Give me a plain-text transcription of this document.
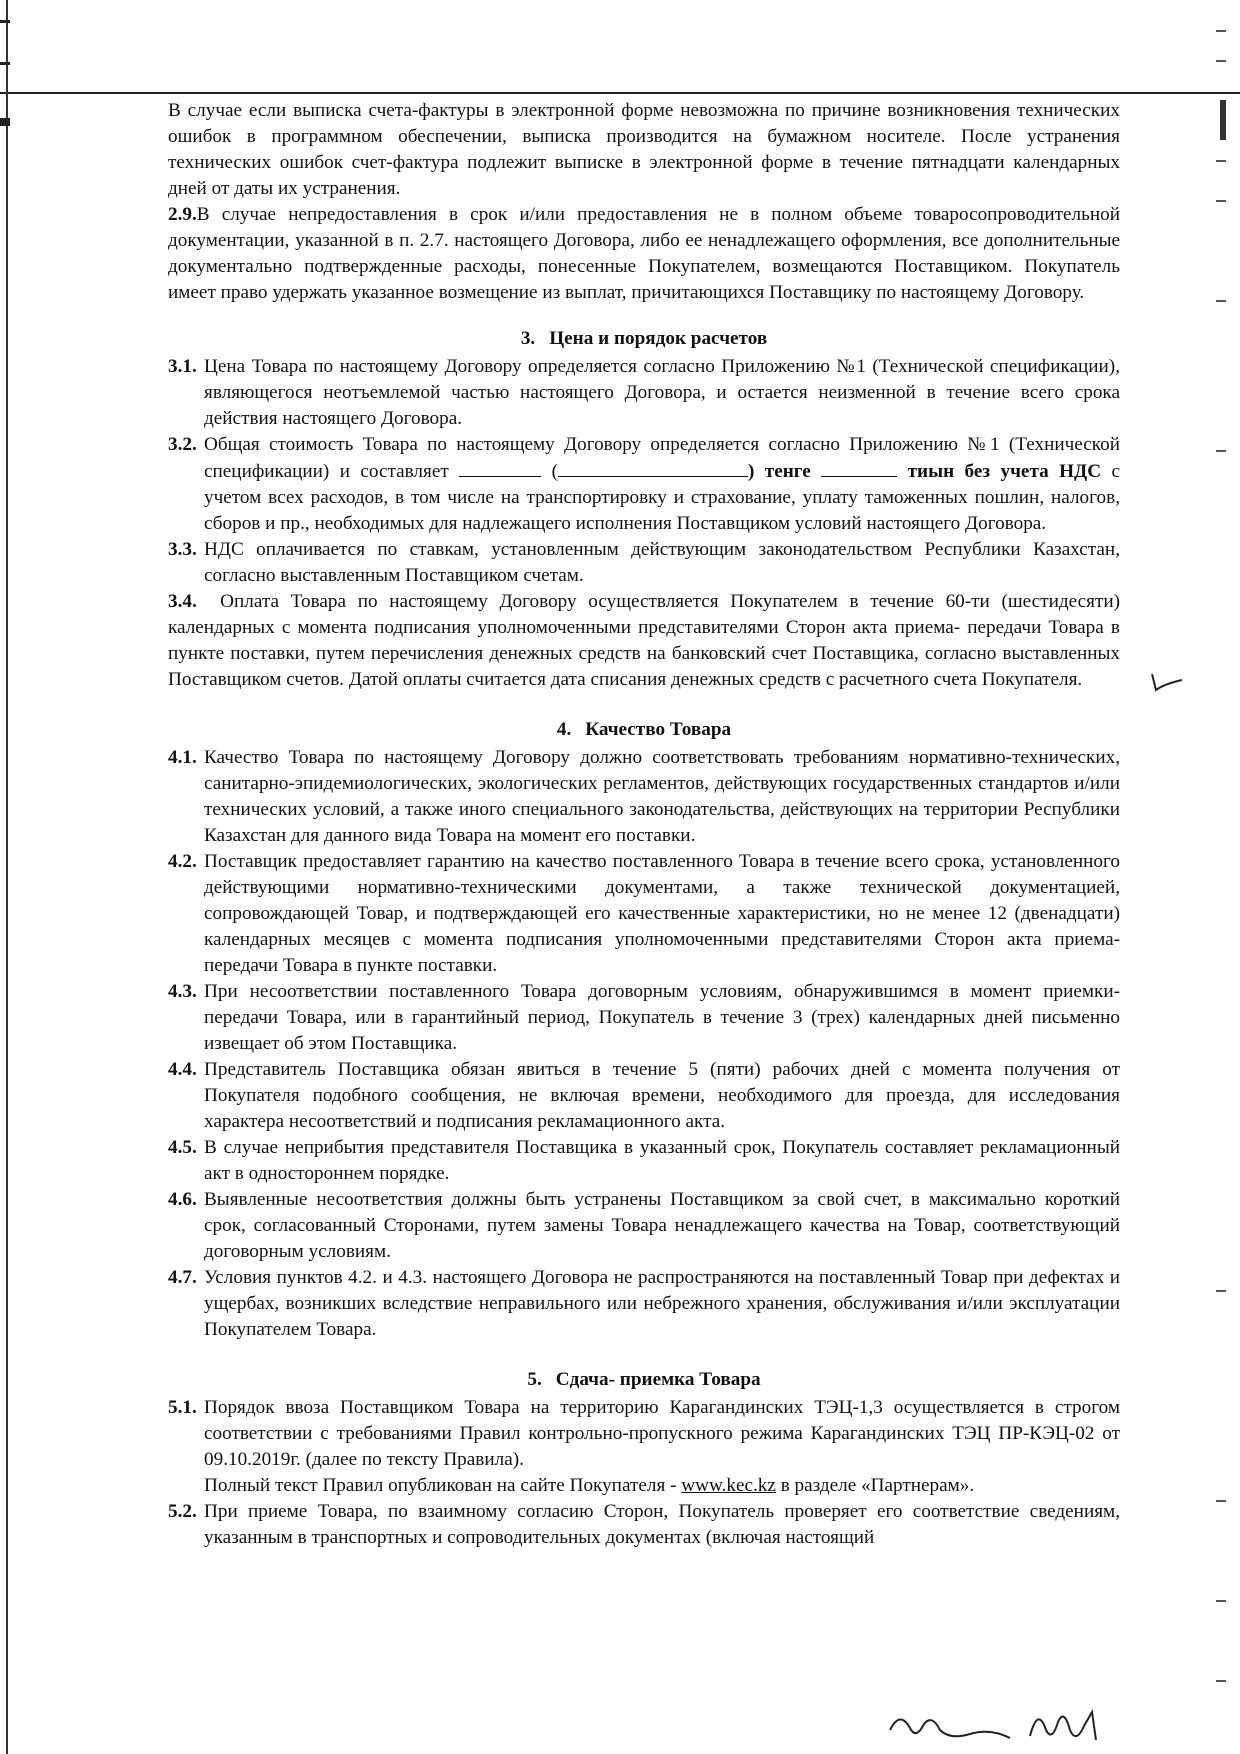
В случае если выписка счета-фактуры в электронной форме невозможна по причине возникновения технических ошибок в программном обеспечении, выписка производится на бумажном носителе. После устранения технических ошибок счет-фактура подлежит выписке в электронной форме в течение пятнадцати календарных дней от даты их устранения.

2.9.В случае непредоставления в срок и/или предоставления не в полном объеме товаросопроводительной документации, указанной в п. 2.7. настоящего Договора, либо ее ненадлежащего оформления, все дополнительные документально подтвержденные расходы, понесенные Покупателем, возмещаются Поставщиком. Покупатель имеет право удержать указанное возмещение из выплат, причитающихся Поставщику по настоящему Договору.

3. Цена и порядок расчетов
3.1. Цена Товара по настоящему Договору определяется согласно Приложению №1 (Технической спецификации), являющегося неотъемлемой частью настоящего Договора, и остается неизменной в течение всего срока действия настоящего Договора.
3.2. Общая стоимость Товара по настоящему Договору определяется согласно Приложению №1 (Технической спецификации) и составляет	(	) тенге	тиын без учета НДС с учетом всех расходов, в том числе на транспортировку и страхование, уплату таможенных пошлин, налогов, сборов и пр., необходимых для надлежащего исполнения Поставщиком условий настоящего Договора.
3.3. НДС оплачивается по ставкам, установленным действующим законодательством Республики Казахстан, согласно выставленным Поставщиком счетам.

3.4. Оплата Товара по настоящему Договору осуществляется Покупателем в течение 60-ти (шестидесяти) календарных с момента подписания уполномоченными представителями Сторон акта приема- передачи Товара в пункте поставки, путем перечисления денежных средств на банковский счет Поставщика, согласно выставленных Поставщиком счетов. Датой оплаты считается дата списания денежных средств с расчетного счета Покупателя.

4. Качество Товара
4.1. Качество Товара по настоящему Договору должно соответствовать требованиям нормативно-технических, санитарно-эпидемиологических, экологических регламентов, действующих государственных стандартов и/или технических условий, а также иного специального законодательства, действующих на территории Республики Казахстан для данного вида Товара на момент его поставки.
4.2. Поставщик предоставляет гарантию на качество поставленного Товара в течение всего срока, установленного действующими нормативно-техническими документами, а также технической документацией, сопровождающей Товар, и подтверждающей его качественные характеристики, но не менее 12 (двенадцати) календарных месяцев с момента подписания уполномоченными представителями Сторон акта приема-передачи Товара в пункте поставки.
4.3. При несоответствии поставленного Товара договорным условиям, обнаружившимся в момент приемки-передачи Товара, или в гарантийный период, Покупатель в течение 3 (трех) календарных дней письменно извещает об этом Поставщика.
4.4. Представитель Поставщика обязан явиться в течение 5 (пяти) рабочих дней с момента получения от Покупателя подобного сообщения, не включая времени, необходимого для проезда, для исследования характера несоответствий и подписания рекламационного акта.
4.5. В случае неприбытия представителя Поставщика в указанный срок, Покупатель составляет рекламационный акт в одностороннем порядке.
4.6. Выявленные несоответствия должны быть устранены Поставщиком за свой счет, в максимально короткий срок, согласованный Сторонами, путем замены Товара ненадлежащего качества на Товар, соответствующий договорным условиям.
4.7. Условия пунктов 4.2. и 4.3. настоящего Договора не распространяются на поставленный Товар при дефектах и ущербах, возникших вследствие неправильного или небрежного хранения, обслуживания и/или эксплуатации Покупателем Товара.
5. Сдача- приемка Товара
5.1. Порядок ввоза Поставщиком Товара на территорию Карагандинских ТЭЦ-1,3 осуществляется в строгом соответствии с требованиями Правил контрольно-пропускного режима Карагандинских ТЭЦ ПР-КЭЦ-02 от 09.10.2019г. (далее по тексту Правила).
Полный текст Правил опубликован на сайте Покупателя - www.kec.kz в разделе «Партнерам».
5.2. При приеме Товара, по взаимному согласию Сторон, Покупатель проверяет его соответствие сведениям, указанным в транспортных и сопроводительных документах (включая настоящий
